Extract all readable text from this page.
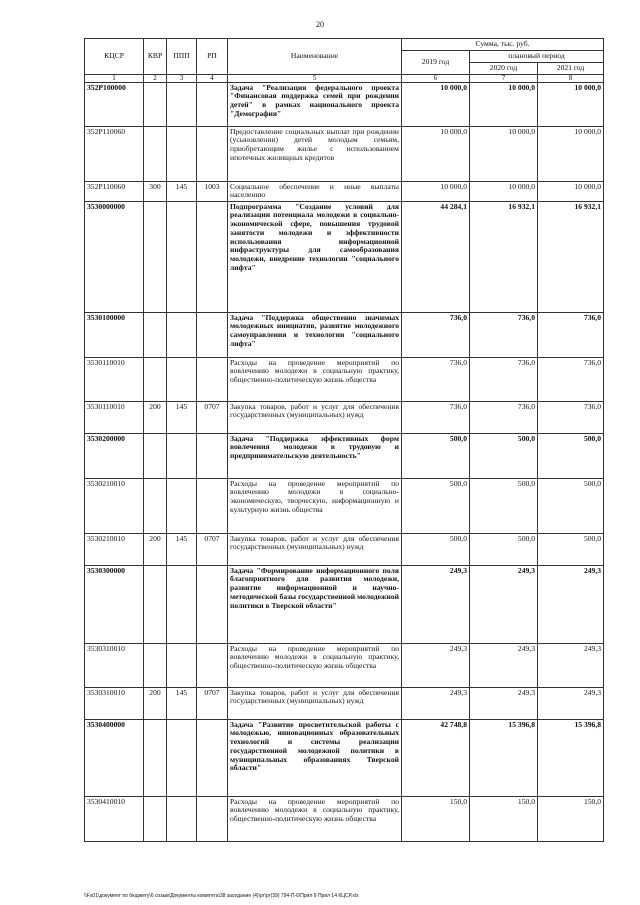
20
КЦСР	КВР	ППП	РП	Наименование	Сумма, тыс. руб.		
					2019 год	плановый период	
						2020 год	2021 год
1	2	3	4	5	6	7	8
352P100000				Задача "Реализация федерального проекта "Финансовая поддержка семей при рождении детей" в рамках национального проекта "Демография"	10 000,0	10 000,0	10 000,0
352P110060				Предоставление социальных выплат при рождении (усыновлении) детей молодым семьям, приобретающим жилье с использованием ипотечных жилищных кредитов	10 000,0	10 000,0	10 000,0
352P110060	300	145	1003	Социальное обеспечение и иные выплаты населению	10 000,0	10 000,0	10 000,0
3530000000				Подпрограмма "Создание условий для реализации потенциала молодежи в социально-экономической сфере, повышения трудовой занятости молодежи и эффективности использования информационной инфраструктуры для самообразования молодежи, внедрение технологии "социального лифта"	44 284,1	16 932,1	16 932,1
3530100000				Задача "Поддержка общественно значимых молодежных инициатив, развитие молодежного самоуправления и технологии "социального лифта"	736,0	736,0	736,0
3530110010				Расходы на проведение мероприятий по вовлечению молодежи в социальную практику, общественно-политическую жизнь общества	736,0	736,0	736,0
3530110010	200	145	0707	Закупка товаров, работ и услуг для обеспечения государственных (муниципальных) нужд	736,0	736,0	736,0
3530200000				Задача "Поддержка эффективных форм вовлечения молодежи в трудовую и предпринимательскую деятельность"	500,0	500,0	500,0
3530210010				Расходы на проведение мероприятий по вовлечению молодежи в социально-экономическую, творческую, информационную и культурную жизнь общества	500,0	500,0	500,0
3530210010	200	145	0707	Закупка товаров, работ и услуг для обеспечения государственных (муниципальных) нужд	500,0	500,0	500,0
3530300000				Задача "Формирование информационного поля благоприятного для развития молодежи, развитие информационной и научно-методической базы государственной молодежной политики в Тверской области"	249,3	249,3	249,3
3530310010				Расходы на проведение мероприятий по вовлечению молодежи в социальную практику, общественно-политическую жизнь общества	249,3	249,3	249,3
3530310010	200	145	0707	Закупка товаров, работ и услуг для обеспечения государственных (муниципальных) нужд	249,3	249,3	249,3
3530400000				Задача "Развитие просветительской работы с молодежью, инновационных образовательных технологий и системы реализации государственной молодежной политики в муниципальных образованиях Тверской области"	42 748,8	15 396,8	15 396,8
3530410010				Расходы на проведение мероприятий по вовлечению молодежи в социальную практику, общественно-политическую жизнь общества	150,0	150,0	150,0
\\Fs01\документ по бюджету\6 созыв\Документы комитета\38 заседание (4)\рг\рг(39) 794-П-6\Прил 9 Прил 14 КЦСР.xls
